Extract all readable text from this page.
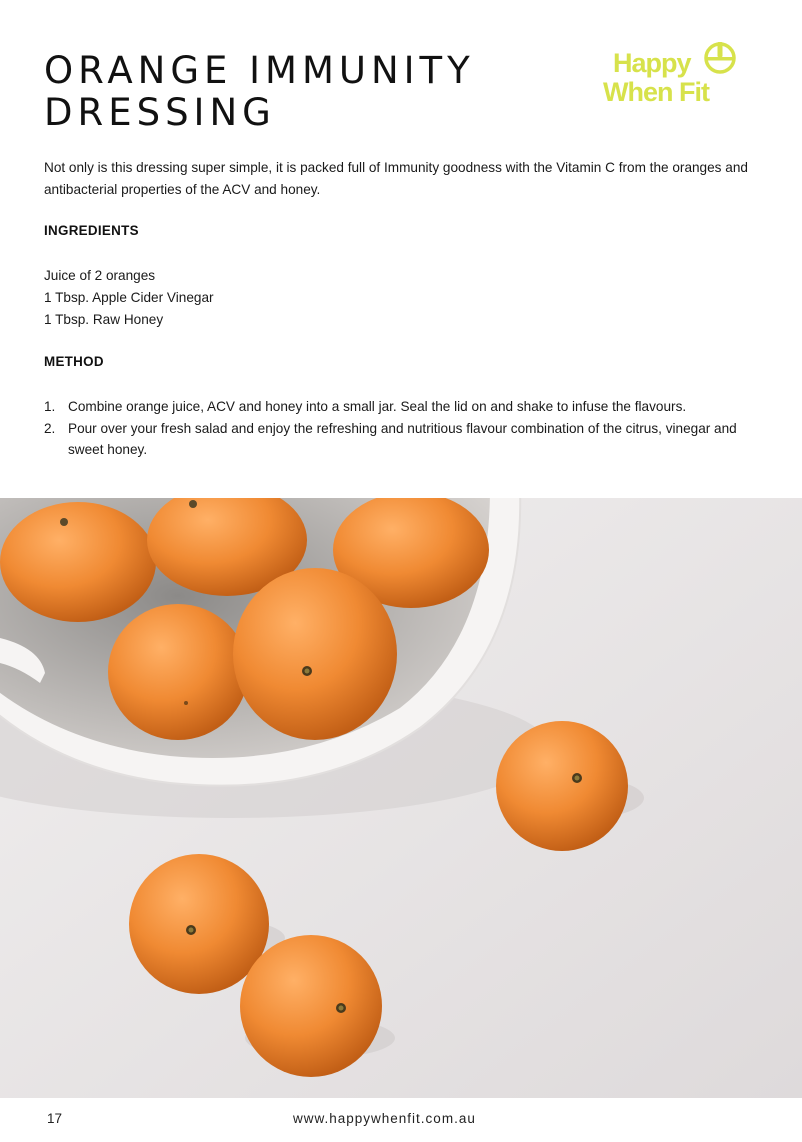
ORANGE IMMUNITY
DRESSING
Happy
When Fit

Not only is this dressing super simple, it is packed full of Immunity goodness with the Vitamin C from the oranges and antibacterial properties of the ACV and honey.

INGREDIENTS
Juice of 2 oranges
1 Tbsp. Apple Cider Vinegar
1 Tbsp. Raw Honey
METHOD
1. Combine orange juice, ACV and honey into a small jar. Seal the lid on and shake to infuse the flavours.
2. Pour over your fresh salad and enjoy the refreshing and nutritious flavour combination of the citrus, vinegar and sweet honey.
17	www.happywhenfit.com.au
